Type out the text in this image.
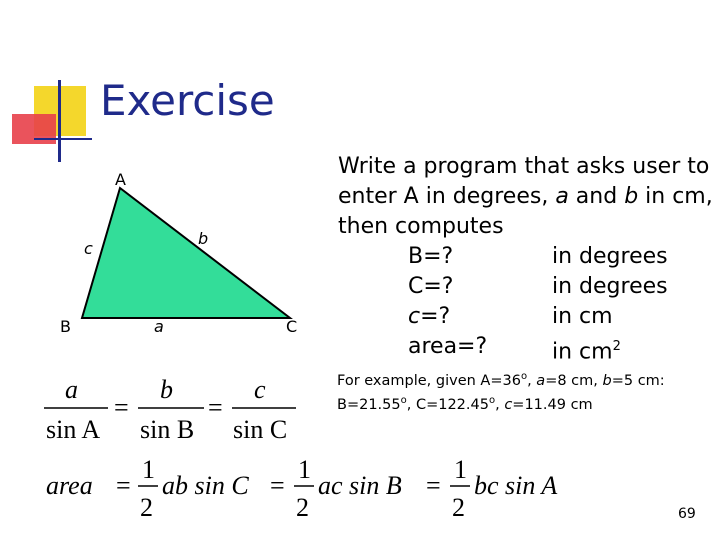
Exercise
A
B	C
a
b
c
Write a program that asks user to
enter A in degrees, a and b in cm,
then computes
B=?	in degrees
C=?	in degrees
c=?	in cm
area=?	in $cm^2$
For example, given $A=36^o$, a=8 cm, b=5 cm:
$B=21.55^o$, $C=122.45^o$, c=11.49 cm
a
sin A
=
b
sin B
=
c
sin C
area =
1
2
ab sin C =
1
2
ac sin B =
1
2
bc sin A
69
